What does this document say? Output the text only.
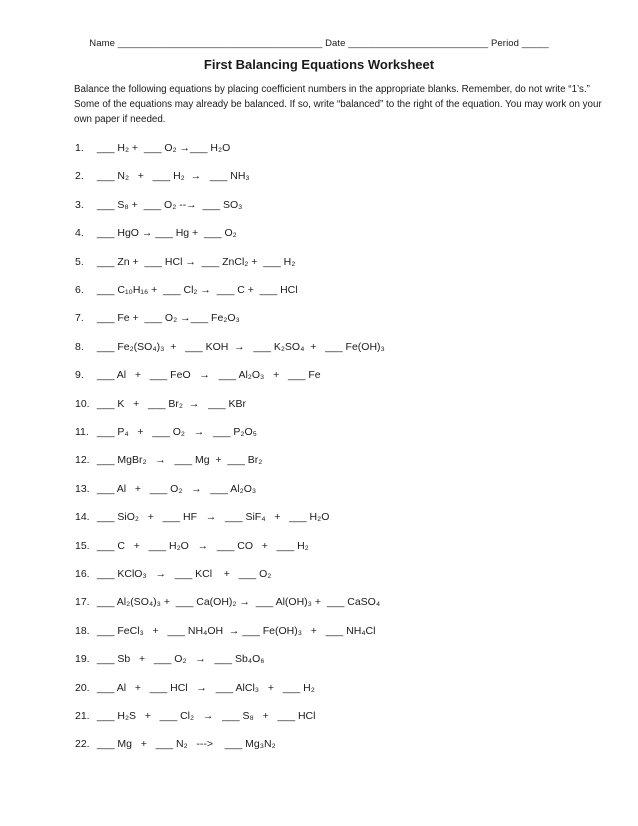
Name ______________________________________ Date __________________________ Period _____
First Balancing Equations Worksheet
Balance the following equations by placing coefficient numbers in the appropriate blanks. Remember, do not write “1’s.”
Some of the equations may already be balanced. If so, write “balanced” to the right of the equation. You may work on your
own paper if needed.
1. ___ H₂ +  ___ O₂ →___ H₂O
2. ___ N₂   +   ___ H₂  →   ___ NH₃
3. ___ S₈ +  ___ O₂ --→  ___ SO₃
4. ___ HgO → ___ Hg +  ___ O₂
5. ___ Zn +  ___ HCl →  ___ ZnCl₂ +  ___ H₂
6. ___ C₁₀H₁₆ +  ___ Cl₂ →  ___ C +  ___ HCl
7. ___ Fe +  ___ O₂ →___ Fe₂O₃
8. ___ Fe₂(SO₄)₃  +   ___ KOH  →   ___ K₂SO₄  +   ___ Fe(OH)₃
9. ___ Al   +   ___ FeO   →   ___ Al₂O₃   +   ___ Fe
10. ___ K   +   ___ Br₂  →   ___ KBr
11. ___ P₄   +   ___ O₂   →   ___ P₂O₅
12. ___ MgBr₂   →   ___ Mg  +  ___ Br₂
13. ___ Al   +   ___ O₂   →   ___ Al₂O₃
14. ___ SiO₂   +   ___ HF   →   ___ SiF₄   +   ___ H₂O
15. ___ C   +   ___ H₂O   →   ___ CO   +   ___ H₂
16. ___ KClO₃   →   ___ KCl    +   ___ O₂
17. ___ Al₂(SO₄)₃ +  ___ Ca(OH)₂ →  ___ Al(OH)₃ +  ___ CaSO₄
18. ___ FeCl₃   +   ___ NH₄OH  → ___ Fe(OH)₃   +   ___ NH₄Cl
19. ___ Sb   +   ___ O₂   →   ___ Sb₄O₆
20. ___ Al   +   ___ HCl   →   ___ AlCl₃   +   ___ H₂
21. ___ H₂S   +   ___ Cl₂   →   ___ S₈   +   ___ HCl
22. ___ Mg   +   ___ N₂   --->    ___ Mg₃N₂
